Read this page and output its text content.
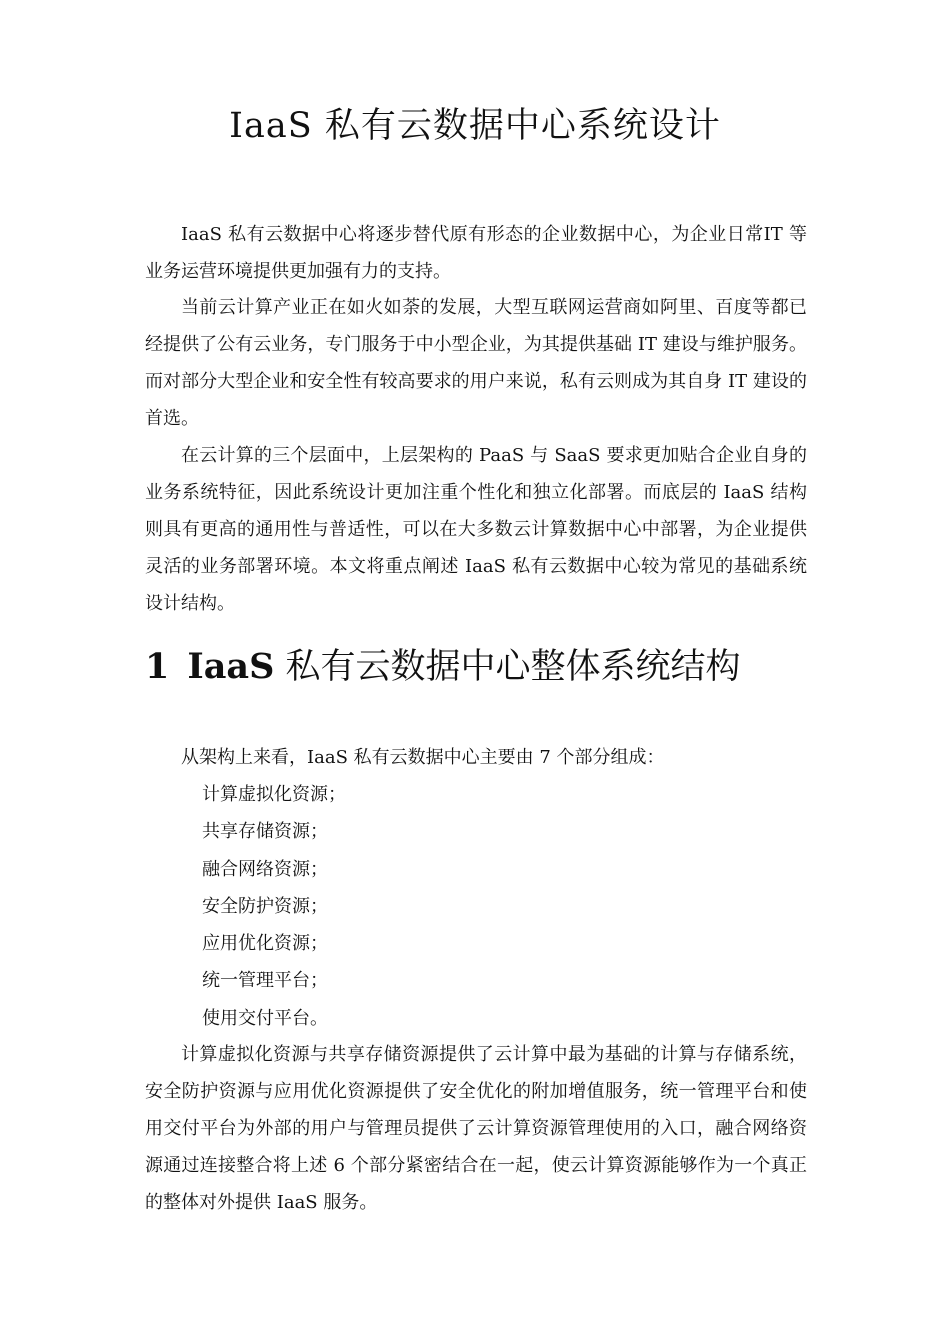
IaaS 私有云数据中心系统设计

IaaS 私有云数据中心将逐步替代原有形态的企业数据中心，为企业日常IT 等业务运营环境提供更加强有力的支持。

当前云计算产业正在如火如荼的发展，大型互联网运营商如阿里、百度等都已经提供了公有云业务，专门服务于中小型企业，为其提供基础 IT 建设与维护服务。而对部分大型企业和安全性有较高要求的用户来说，私有云则成为其自身 IT 建设的首选。

在云计算的三个层面中，上层架构的 PaaS 与 SaaS 要求更加贴合企业自身的业务系统特征，因此系统设计更加注重个性化和独立化部署。而底层的 IaaS 结构则具有更高的通用性与普适性，可以在大多数云计算数据中心中部署，为企业提供灵活的业务部署环境。本文将重点阐述 IaaS 私有云数据中心较为常见的基础系统设计结构。

1 IaaS 私有云数据中心整体系统结构

从架构上来看，IaaS 私有云数据中心主要由 7 个部分组成：

计算虚拟化资源；
共享存储资源；
融合网络资源；
安全防护资源；
应用优化资源；
统一管理平台；
使用交付平台。

计算虚拟化资源与共享存储资源提供了云计算中最为基础的计算与存储系统，安全防护资源与应用优化资源提供了安全优化的附加增值服务，统一管理平台和使用交付平台为外部的用户与管理员提供了云计算资源管理使用的入口，融合网络资源通过连接整合将上述 6 个部分紧密结合在一起，使云计算资源能够作为一个真正的整体对外提供 IaaS 服务。
